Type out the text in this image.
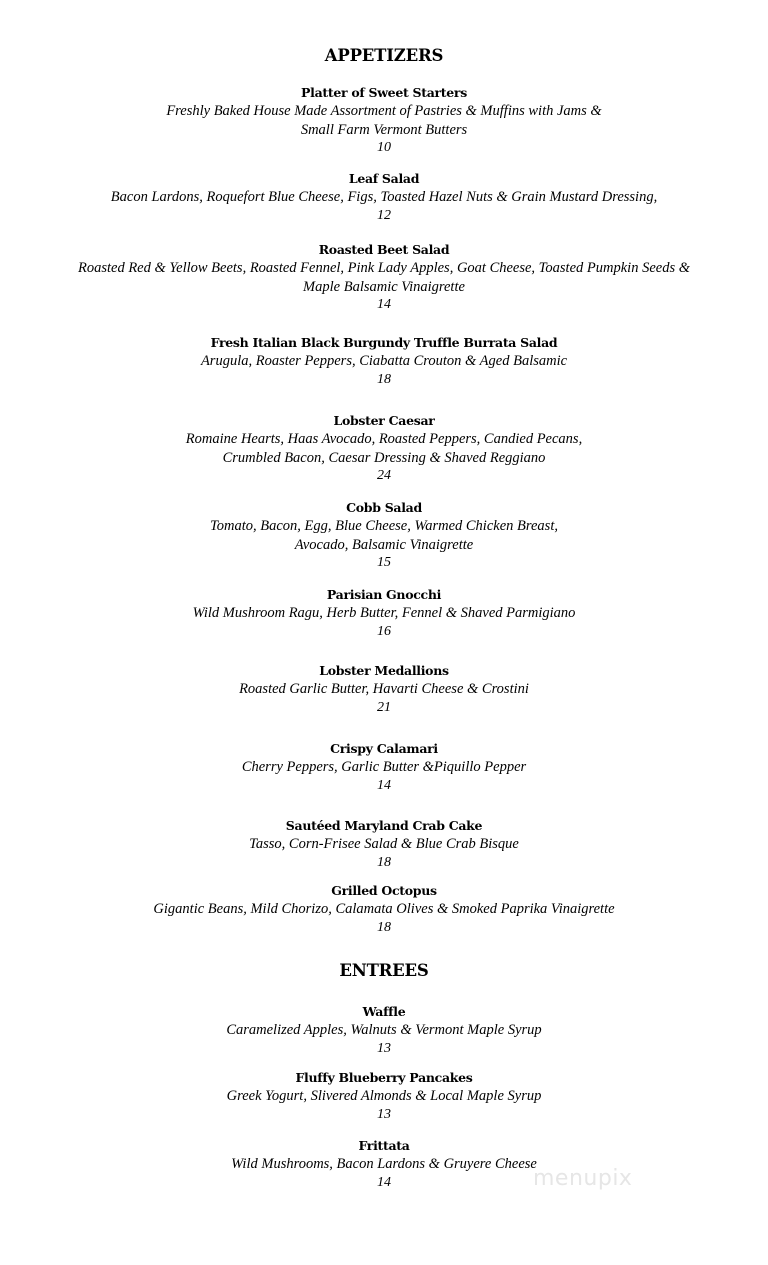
APPETIZERS
Platter of Sweet Starters
Freshly Baked House Made Assortment of Pastries & Muffins with Jams &
Small Farm Vermont Butters
10
Leaf Salad
Bacon Lardons, Roquefort Blue Cheese, Figs, Toasted Hazel Nuts & Grain Mustard Dressing,
12
Roasted Beet Salad
Roasted Red & Yellow Beets, Roasted Fennel, Pink Lady Apples, Goat Cheese, Toasted Pumpkin Seeds &
Maple Balsamic Vinaigrette
14
Fresh Italian Black Burgundy Truffle Burrata Salad
Arugula, Roaster Peppers, Ciabatta Crouton & Aged Balsamic
18
Lobster Caesar
Romaine Hearts, Haas Avocado, Roasted Peppers, Candied Pecans,
Crumbled Bacon, Caesar Dressing & Shaved Reggiano
24
Cobb Salad
Tomato, Bacon, Egg, Blue Cheese, Warmed Chicken Breast,
Avocado, Balsamic Vinaigrette
15
Parisian Gnocchi
Wild Mushroom Ragu, Herb Butter, Fennel & Shaved Parmigiano
16
Lobster Medallions
Roasted Garlic Butter, Havarti Cheese & Crostini
21
Crispy Calamari
Cherry Peppers, Garlic Butter &Piquillo Pepper
14
Sautéed Maryland Crab Cake
Tasso, Corn-Frisee Salad & Blue Crab Bisque
18
Grilled Octopus
Gigantic Beans, Mild Chorizo, Calamata Olives & Smoked Paprika Vinaigrette
18
ENTREES
Waffle
Caramelized Apples, Walnuts & Vermont Maple Syrup
13
Fluffy Blueberry Pancakes
Greek Yogurt, Slivered Almonds & Local Maple Syrup
13
Frittata
Wild Mushrooms, Bacon Lardons & Gruyere Cheese
14	menupix
